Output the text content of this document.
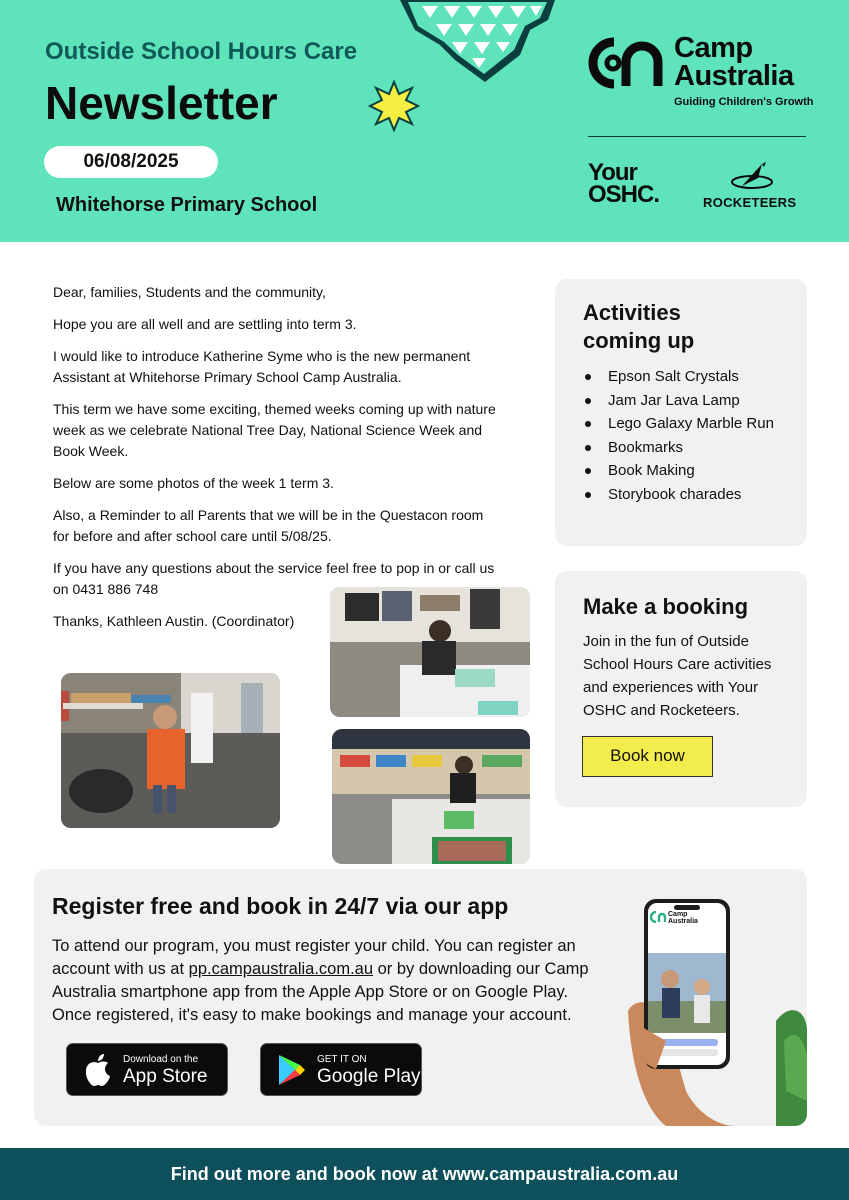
Outside School Hours Care
Newsletter
06/08/2025
Whitehorse Primary School
Camp
Australia
Guiding Children's Growth
Your
OSHC.	ROCKETEERS

Dear, families, Students and the community,

Hope you are all well and are settling into term 3.

I would like to introduce Katherine Syme who is the new permanent Assistant at Whitehorse Primary School Camp Australia.

This term we have some exciting, themed weeks coming up with nature week as we celebrate National Tree Day, National Science Week and Book Week.

Below are some photos of the week 1 term 3.

Also, a Reminder to all Parents that we will be in the Questacon room for before and after school care until 5/08/25.

If you have any questions about the service feel free to pop in or call us on 0431 886 748

Thanks, Kathleen Austin. (Coordinator)

Activities coming up
Epson Salt Crystals
Jam Jar Lava Lamp
Lego Galaxy Marble Run
Bookmarks
Book Making
Storybook charades
Make a booking
Join in the fun of Outside School Hours Care activities and experiences with Your OSHC and Rocketeers.
Book now
Register free and book in 24/7 via our app
To attend our program, you must register your child. You can register an account with us at pp.campaustralia.com.au or by downloading our Camp Australia smartphone app from the Apple App Store or on Google Play. Once registered, it's easy to make bookings and manage your account.
Download on the
App Store
GET IT ON
Google Play
Camp
Australia
Find out more and book now at www.campaustralia.com.au
